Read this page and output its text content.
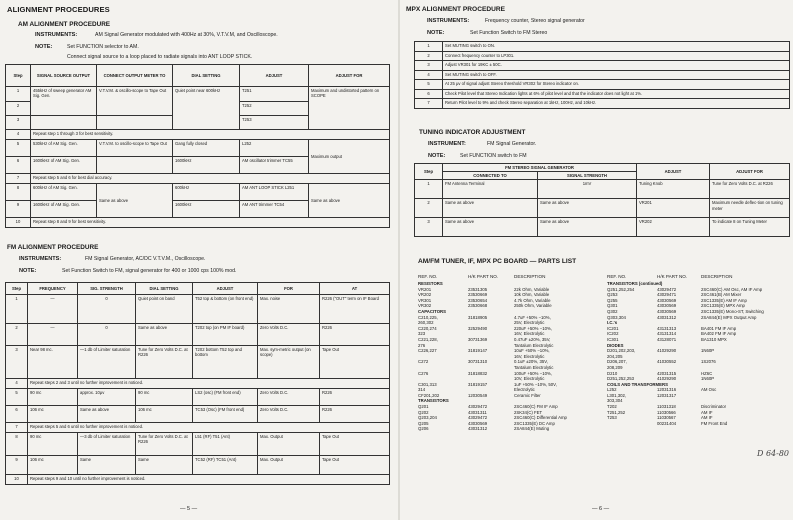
ALIGNMENT PROCEDURES
AM ALIGNMENT PROCEDURE
INSTRUMENTS:	AM Signal Generator modulated with 400Hz at 30%, V.T.V.M, and Oscilloscope.
NOTE:	Set FUNCTION selector to AM.
Connect signal source to a loop placed to radiate signals into ANT LOOP STICK.
Step	SIGNAL SOURCE OUTPUT	CONNECT OUTPUT METER TO	DIAL SETTING	ADJUST	ADJUST FOR
1	455kHz of sweep generator AM Sig. Gen.	V.T.V.M. & oscillo-scope to Tape Out	Quiet point near 600kHz	T251	Maximum and undistorted pattern on SCOPE
2				T252	
3				T253	
4	Repeat step 1 through 3 for best sensitivity.				
5	530kHz of AM Sig. Gen.	V.T.V.M. to oscillo-scope to Tape Out	Gang fully closed	L252	Maximum output
6	1600kHz of AM Sig. Gen.		1600kHz	AM oscillator trimmer TC55	
7	Repeat step 5 and 6 for best dial accuracy.				
8	600kHz of AM Sig. Gen.	Same as above	600kHz	AM ANT LOOP STICK L251	Same as above
9	1600kHz of AM Sig. Gen.		1600kHz	AM ANT trimmer TC54	
10	Repeat step 8 and 9 for best sensitivity.				
FM ALIGNMENT PROCEDURE
INSTRUMENTS:	FM Signal Generator, AC/DC V.T.V.M., Oscilloscope.
NOTE:	Set Function Switch to FM, signal generator for 400 or 1000 cps 100% mod.
Step	FREQUENCY	SIG. STRENGTH	DIAL SETTING	ADJUST	FOR	AT
1	—	0	Quiet point on band	T52 top & bottom (on front end)	Max. noise	R226 ("OUT" term on IF Board
2	—	0	Same as above	T202 top (on PM IF board)	Zero Volts D.C.	R226
3	Near 98 mc.	—1 db of Limiter saturation	Tune for Zero Volts D.C. at R226	T202 bottom T52 top and bottom	Max. sym-metric output (on scope)	Tape Out
4	Repeat steps 2 and 3 until no further improvement is noticed.					
5	90 mc	approx. 10μv	90 mc	LS2 (osc) (FM front end)	Zero Volts D.C.	R226
6	106 mc	Same as above	106 mc	TC53 (Osc) (FM front end)	Zero Volts D.C.	R226
7	Repeat steps 5 and 6 until no further improvement is noticed.					
8	90 mc	—3 db of Limiter saturation	Tune for Zero Volts D.C. at R226	L51 (RF) T51 (Ant)	Max. Output	Tape Out
9	106 mc	Same	Same	TC52 (RF) TC51 (Ant)	Max. Output	Tape Out
10	Repeat steps 9 and 10 until no further improvement is noticed.					
— 5 —
MPX ALIGNMENT PROCEDURE
INSTRUMENTS:	Frequency counter, Stereo signal generator
NOTE:	Set Function Switch to FM Stereo
1	Set MUTING switch to ON.
2	Connect frequency counter to LP301.
3	Adjust VR301 for 19KC ± 50C.
4	Set MUTING switch to OFF.
5	At 25 μv of signal adjust Stereo threshold VR302 for Stereo indicator on.
6	Check Pilot level that Stereo Indication lights at 6% of pilot level and that the indicator does not light at 1%.
7	Return Pilot level to 9% and check Stereo separation at 1kHz, 100Hz, and 10kHz.
TUNING INDICATOR ADJUSTMENT
INSTRUMENT:	FM Signal Generator.
NOTE:	Set FUNCTION switch to FM
Step	FM STEREO SIGNAL GENERATOR		ADJUST	ADJUST FOR
	CONNECTED TO	SIGNAL STRENGTH		
1	FM Antenna Terminal	1mV	Tuning Knob	Tune for Zero Volts D.C. at R226
2	Same as above	Same as above	VR201	Maximum needle deflec-tion on tuning meter
3	Same as above	Same as above	VR202	To indicate 8 on Tuning Meter
AM/FM TUNER, IF, MPX PC BOARD — PARTS LIST
REF. NO.	H/K PART NO.	DESCRIPTION
RESISTORS		
VR201	23531305	22k Ohm, Variable
VR202	23530669	10k Ohm, Variable
VR301	23530654	4.7k Ohm, Variable
VR302	23530668	250k Ohm, Variable

CAPACITORS		
C210,225,	31818905	4.7uF +50% −10%,
260,302		25V, Electrolytic
C220,274	32529490	220uF +50% −10%,
323		16V, Electrolytic
C221,228,	30731369	0.47uF ±20%, 35V,
276		Tantalum Electrolytic
C226,227	31819147	10uF +50% −10%,
		16V, Electrolytic
C272	30731310	0.1uF ±20%, 35V,
		Tantalum Electrolytic
C276	31818832	100uF +50% −10%,
		10V, Electrolytic
C301,313	31819157	1uF +50% −10%, 50V,
314		Electrolytic
CF201,202	12030549	Ceramic Filter

TRANSISTORS		
Q201	43029472	2SC460(C) FM IF Amp
Q202	43031311	2SK34(C) FET
Q203,204	43029472	2SC460(C) Differential Amp
Q205	43030569	2SC1335(E) DC Amp
Q206	43031312	2SA844(E) Muting
REF. NO.	H/K PART NO.	DESCRIPTION
TRANSISTORS (continued)		
Q251,252,254	43029472	2SC460(C) AM Osc, AM IF Amp
Q253	43029471	2SC461(B) AM Mixer
Q255	43030569	2SC1335(E) AM IF Amp
Q301	43030569	2SC1335(E) MPX Amp
Q302	43030569	2SC1335(E) Mono-ST, Switching
Q303,304	43031312	2SA844(E) MPX Output Amp

I.C.'s		
IC201	43131313	BA401 FM IF Amp
IC202	43131314	BA402 FM IF Amp
IC301	43128071	BA1310 MPX

DIODES		
D201,202,203,	41029290	1N60P
204,205		
D206,207,	41030552	1S2076
208,209		
D210	42031315	HZ6C
D251,252,253	41029290	1N60P

COILS AND TRANSFORMERS		
L252	12031316	AM Osc
L301,302,	12031317	
303,304		
T202	11031318	Discriminator
T251,252	11030566	AM IF
T253	11030567	AM IF

	00231404	FM Front End
D 64-80
— 6 —
